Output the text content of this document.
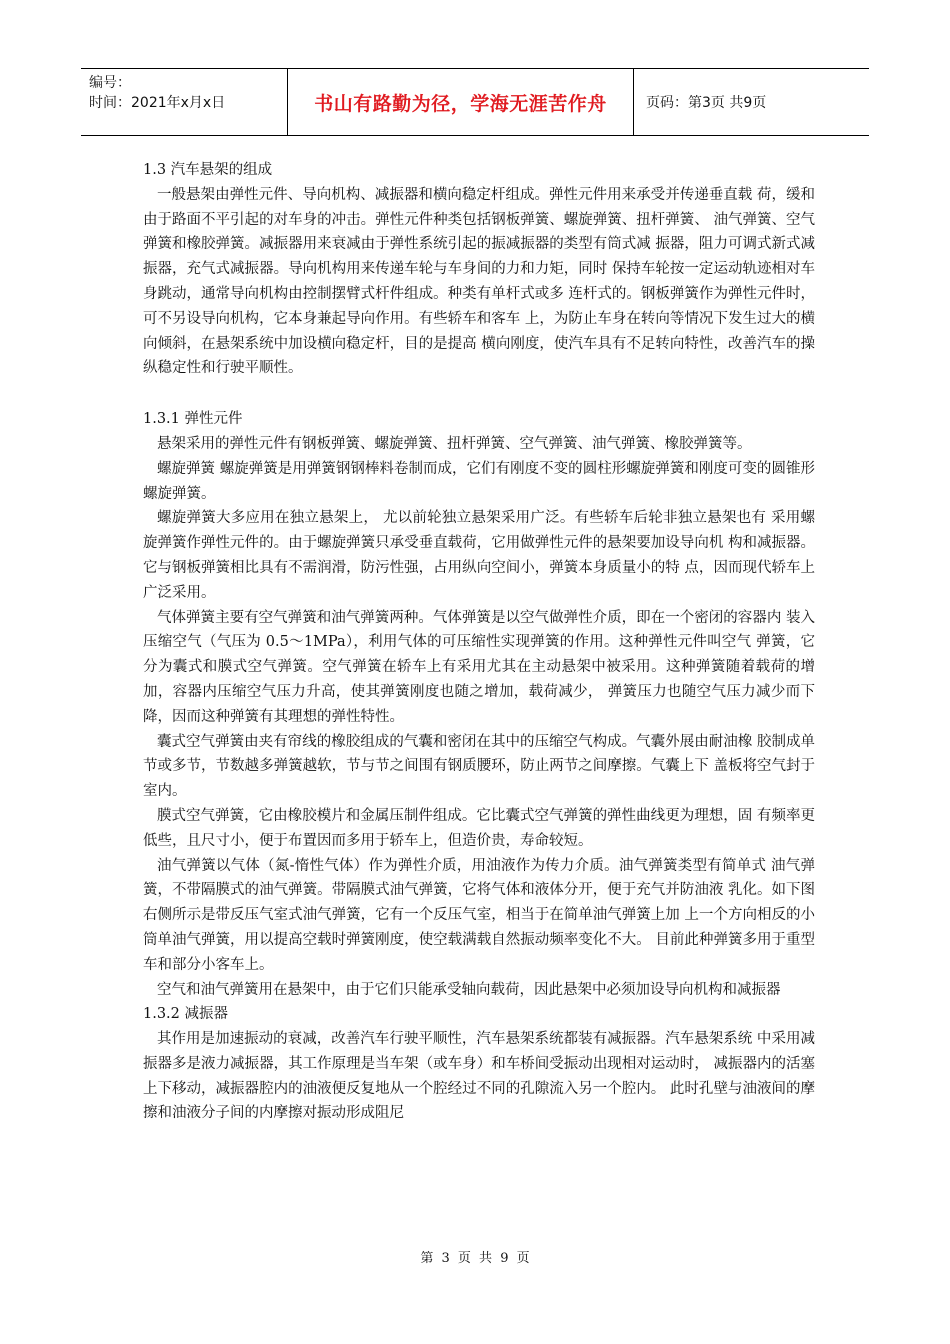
编号：
时间：2021年x月x日	书山有路勤为径，学海无涯苦作舟	页码：第3页 共9页

1.3 汽车悬架的组成

一般悬架由弹性元件、导向机构、减振器和横向稳定杆组成。弹性元件用来承受并传递垂直载 荷，缓和由于路面不平引起的对车身的冲击。弹性元件种类包括钢板弹簧、螺旋弹簧、扭杆弹簧、 油气弹簧、空气弹簧和橡胶弹簧。减振器用来衰减由于弹性系统引起的振减振器的类型有筒式减 振器，阻力可调式新式减振器，充气式减振器。导向机构用来传递车轮与车身间的力和力矩，同时 保持车轮按一定运动轨迹相对车身跳动，通常导向机构由控制摆臂式杆件组成。种类有单杆式或多 连杆式的。钢板弹簧作为弹性元件时，可不另设导向机构，它本身兼起导向作用。有些轿车和客车 上，为防止车身在转向等情况下发生过大的横向倾斜，在悬架系统中加设横向稳定杆，目的是提高 横向刚度，使汽车具有不足转向特性，改善汽车的操纵稳定性和行驶平顺性。

1.3.1 弹性元件

悬架采用的弹性元件有钢板弹簧、螺旋弹簧、扭杆弹簧、空气弹簧、油气弹簧、橡胶弹簧等。

螺旋弹簧 螺旋弹簧是用弹簧钢钢棒料卷制而成，它们有刚度不变的圆柱形螺旋弹簧和刚度可变的圆锥形 螺旋弹簧。

螺旋弹簧大多应用在独立悬架上， 尤以前轮独立悬架采用广泛。有些轿车后轮非独立悬架也有 采用螺旋弹簧作弹性元件的。由于螺旋弹簧只承受垂直载荷，它用做弹性元件的悬架要加设导向机 构和减振器。它与钢板弹簧相比具有不需润滑，防污性强，占用纵向空间小，弹簧本身质量小的特 点，因而现代轿车上广泛采用。

气体弹簧主要有空气弹簧和油气弹簧两种。气体弹簧是以空气做弹性介质，即在一个密闭的容器内 装入压缩空气（气压为 0.5～1MPa），利用气体的可压缩性实现弹簧的作用。这种弹性元件叫空气 弹簧，它分为囊式和膜式空气弹簧。空气弹簧在轿车上有采用尤其在主动悬架中被采用。这种弹簧随着载荷的增加，容器内压缩空气压力升高，使其弹簧刚度也随之增加，载荷减少， 弹簧压力也随空气压力减少而下降，因而这种弹簧有其理想的弹性特性。

囊式空气弹簧由夹有帘线的橡胶组成的气囊和密闭在其中的压缩空气构成。气囊外展由耐油橡 胶制成单节或多节，节数越多弹簧越软，节与节之间围有钢质腰环，防止两节之间摩擦。气囊上下 盖板将空气封于室内。

膜式空气弹簧，它由橡胶模片和金属压制件组成。它比囊式空气弹簧的弹性曲线更为理想，固 有频率更低些，且尺寸小，便于布置因而多用于轿车上，但造价贵，寿命较短。

油气弹簧以气体（氮-惰性气体）作为弹性介质，用油液作为传力介质。油气弹簧类型有简单式 油气弹簧，不带隔膜式的油气弹簧。带隔膜式油气弹簧，它将气体和液体分开，便于充气并防油液 乳化。如下图右侧所示是带反压气室式油气弹簧，它有一个反压气室，相当于在简单油气弹簧上加 上一个方向相反的小筒单油气弹簧，用以提高空载时弹簧刚度，使空载满载自然振动频率变化不大。 目前此种弹簧多用于重型车和部分小客车上。

空气和油气弹簧用在悬架中，由于它们只能承受轴向载荷，因此悬架中必须加设导向机构和减振器

1.3.2 减振器

其作用是加速振动的衰减，改善汽车行驶平顺性，汽车悬架系统都装有减振器。汽车悬架系统 中采用减振器多是液力减振器，其工作原理是当车架（或车身）和车桥间受振动出现相对运动时， 减振器内的活塞上下移动，减振器腔内的油液便反复地从一个腔经过不同的孔隙流入另一个腔内。 此时孔壁与油液间的摩擦和油液分子间的内摩擦对振动形成阻尼

第 3 页 共 9 页
